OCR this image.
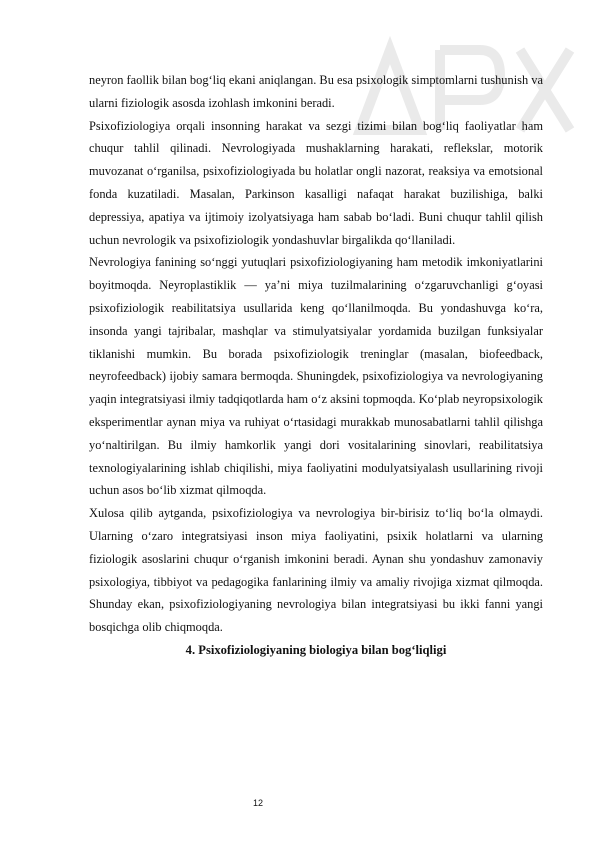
neyron faollik bilan bog‘liq ekani aniqlangan. Bu esa psixologik simptomlarni tushunish va ularni fiziologik asosda izohlash imkonini beradi.

Psixofiziologiya orqali insonning harakat va sezgi tizimi bilan bog‘liq faoliyatlar ham chuqur tahlil qilinadi. Nevrologiyada mushaklarning harakati, reflekslar, motorik muvozanat o‘rganilsa, psixofiziologiyada bu holatlar ongli nazorat, reaksiya va emotsional fonda kuzatiladi. Masalan, Parkinson kasalligi nafaqat harakat buzilishiga, balki depressiya, apatiya va ijtimoiy izolyatsiyaga ham sabab bo‘ladi. Buni chuqur tahlil qilish uchun nevrologik va psixofiziologik yondashuvlar birgalikda qo‘llaniladi.

Nevrologiya fanining so‘nggi yutuqlari psixofiziologiyaning ham metodik imkoniyatlarini boyitmoqda. Neyroplastiklik — ya’ni miya tuzilmalarining o‘zgaruvchanligi g‘oyasi psixofiziologik reabilitatsiya usullarida keng qo‘llanilmoqda. Bu yondashuvga ko‘ra, insonda yangi tajribalar, mashqlar va stimulyatsiyalar yordamida buzilgan funksiyalar tiklanishi mumkin. Bu borada psixofiziologik treninglar (masalan, biofeedback, neyrofeedback) ijobiy samara bermoqda. Shuningdek, psixofiziologiya va nevrologiyaning yaqin integratsiyasi ilmiy tadqiqotlarda ham o‘z aksini topmoqda. Ko‘plab neyropsixologik eksperimentlar aynan miya va ruhiyat o‘rtasidagi murakkab munosabatlarni tahlil qilishga yo‘naltirilgan. Bu ilmiy hamkorlik yangi dori vositalarining sinovlari, reabilitatsiya texnologiyalarining ishlab chiqilishi, miya faoliyatini modulyatsiyalash usullarining rivoji uchun asos bo‘lib xizmat qilmoqda.

Xulosa qilib aytganda, psixofiziologiya va nevrologiya bir-birisiz to‘liq bo‘la olmaydi. Ularning o‘zaro integratsiyasi inson miya faoliyatini, psixik holatlarni va ularning fiziologik asoslarini chuqur o‘rganish imkonini beradi. Aynan shu yondashuv zamonaviy psixologiya, tibbiyot va pedagogika fanlarining ilmiy va amaliy rivojiga xizmat qilmoqda. Shunday ekan, psixofiziologiyaning nevrologiya bilan integratsiyasi bu ikki fanni yangi bosqichga olib chiqmoqda.

4. Psixofiziologiyaning biologiya bilan bog‘liqligi

12
